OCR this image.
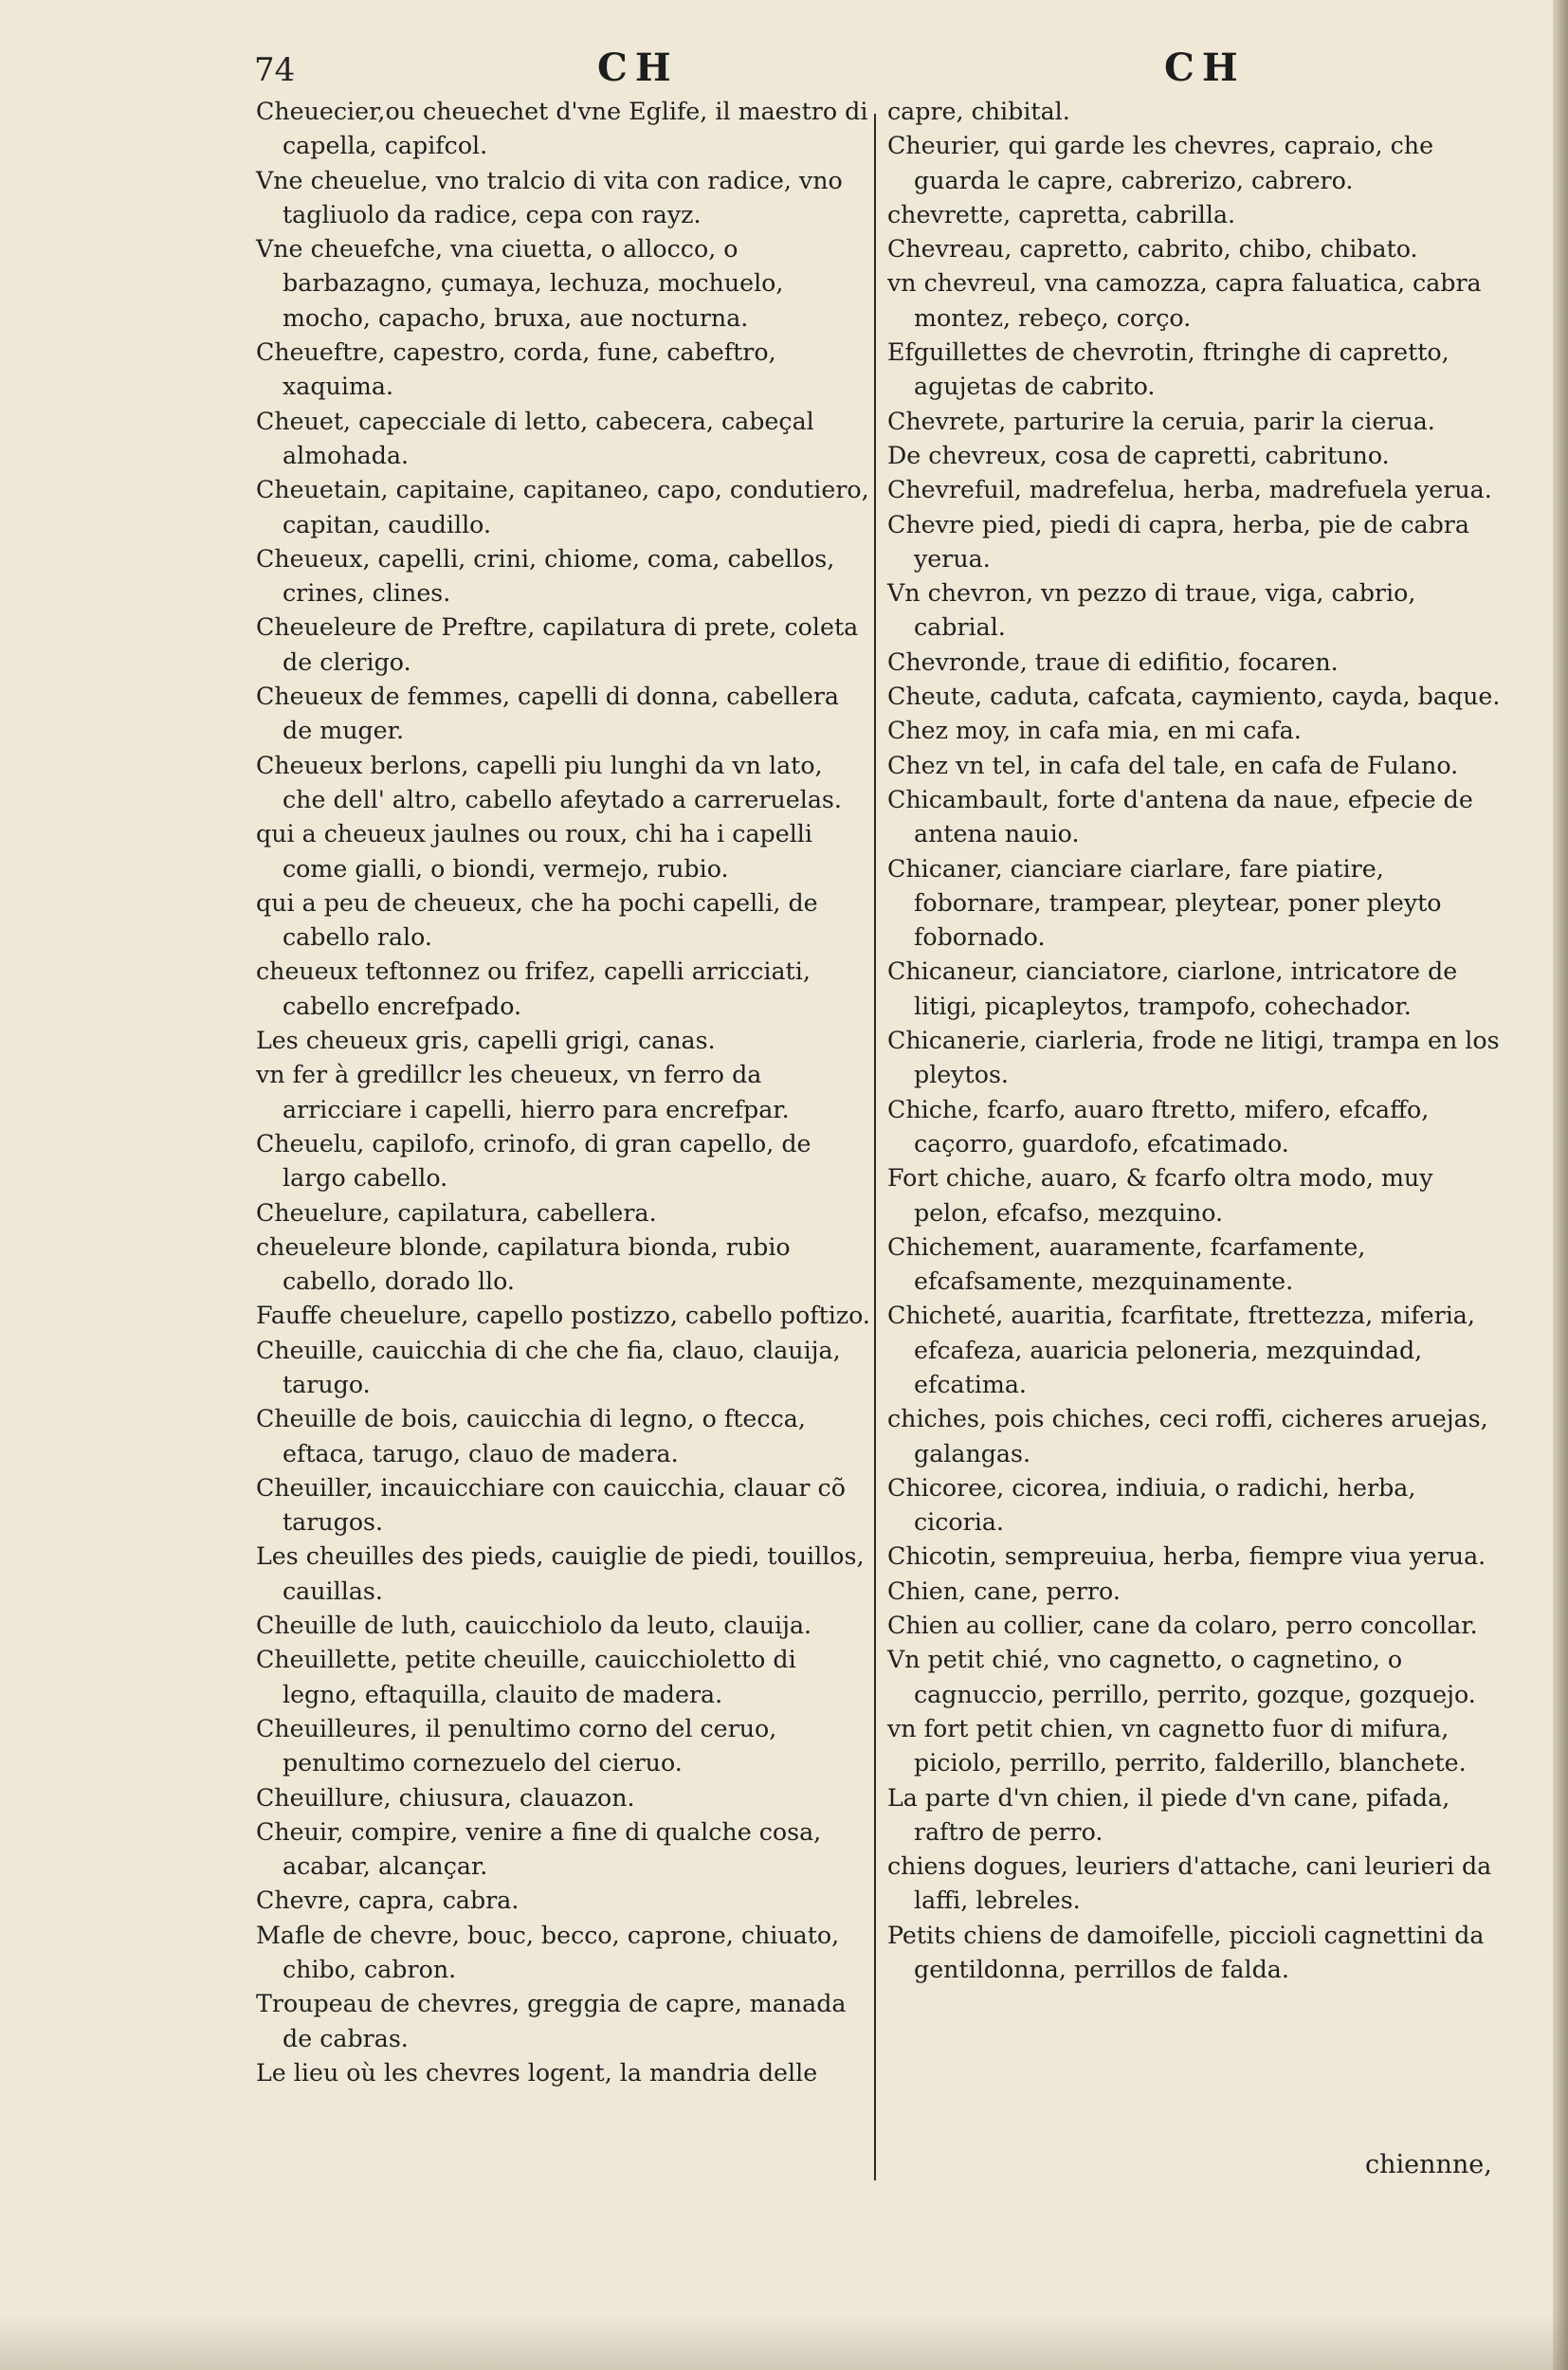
74	CH	CH
Cheuecier,ou cheuechet d'vne Eglife, il maestro di capella, capifcol.
Vne cheuelue, vno tralcio di vita con radice, vno tagliuolo da radice, cepa con rayz.
Vne cheuefche, vna ciuetta, o allocco, o barbazagno, çumaya, lechuza, mochuelo, mocho, capacho, bruxa, aue nocturna.
Cheueftre, capestro, corda, fune, cabeftro, xaquima.
Cheuet, capecciale di letto, cabecera, cabeçal almohada.
Cheuetain, capitaine, capitaneo, capo, condutiero, capitan, caudillo.
Cheueux, capelli, crini, chiome, coma, cabellos, crines, clines.
Cheueleure de Preftre, capilatura di prete, coleta de clerigo.
Cheueux de femmes, capelli di donna, cabellera de muger.
Cheueux berlons, capelli piu lunghi da vn lato, che dell' altro, cabello afeytado a carreruelas.
qui a cheueux jaulnes ou roux, chi ha i capelli come gialli, o biondi, vermejo, rubio.
qui a peu de cheueux, che ha pochi capelli, de cabello ralo.
cheueux teftonnez ou frifez, capelli arricciati, cabello encrefpado.
Les cheueux gris, capelli grigi, canas.
vn fer à gredillcr les cheueux, vn ferro da arricciare i capelli, hierro para encrefpar.
Cheuelu, capilofo, crinofo, di gran capello, de largo cabello.
Cheuelure, capilatura, cabellera.
cheueleure blonde, capilatura bionda, rubio cabello, dorado llo.
Fauffe cheuelure, capello postizzo, cabello poftizo.
Cheuille, cauicchia di che che fia, clauo, clauija, tarugo.
Cheuille de bois, cauicchia di legno, o ftecca, eftaca, tarugo, clauo de madera.
Cheuiller, incauicchiare con cauicchia, clauar cõ tarugos.
Les cheuilles des pieds, cauiglie de piedi, touillos, cauillas.
Cheuille de luth, cauicchiolo da leuto, clauija.
Cheuillette, petite cheuille, cauicchioletto di legno, eftaquilla, clauito de madera.
Cheuilleures, il penultimo corno del ceruo, penultimo cornezuelo del cieruo.
Cheuillure, chiusura, clauazon.
Cheuir, compire, venire a fine di qualche cosa, acabar, alcançar.
Chevre, capra, cabra.
Mafle de chevre, bouc, becco, caprone, chiuato, chibo, cabron.
Troupeau de chevres, greggia de capre, manada de cabras.
Le lieu où les chevres logent, la mandria delle
capre, chibital.
Cheurier, qui garde les chevres, capraio, che guarda le capre, cabrerizo, cabrero.
chevrette, capretta, cabrilla.
Chevreau, capretto, cabrito, chibo, chibato.
vn chevreul, vna camozza, capra faluatica, cabra montez, rebeço, corço.
Efguillettes de chevrotin, ftringhe di capretto, agujetas de cabrito.
Chevrete, parturire la ceruia, parir la cierua.
De chevreux, cosa de capretti, cabrituno.
Chevrefuil, madrefelua, herba, madrefuela yerua.
Chevre pied, piedi di capra, herba, pie de cabra yerua.
Vn chevron, vn pezzo di traue, viga, cabrio, cabrial.
Chevronde, traue di edifitio, focaren.
Cheute, caduta, cafcata, caymiento, cayda, baque.
Chez moy, in cafa mia, en mi cafa.
Chez vn tel, in cafa del tale, en cafa de Fulano.
Chicambault, forte d'antena da naue, efpecie de antena nauio.
Chicaner, cianciare ciarlare, fare piatire, fobornare, trampear, pleytear, poner pleyto fobornado.
Chicaneur, cianciatore, ciarlone, intricatore de litigi, picapleytos, trampofo, cohechador.
Chicanerie, ciarleria, frode ne litigi, trampa en los pleytos.
Chiche, fcarfo, auaro ftretto, mifero, efcaffo, caçorro, guardofo, efcatimado.
Fort chiche, auaro, & fcarfo oltra modo, muy pelon, efcafso, mezquino.
Chichement, auaramente, fcarfamente, efcafsamente, mezquinamente.
Chicheté, auaritia, fcarfitate, ftrettezza, miferia, efcafeza, auaricia peloneria, mezquindad, efcatima.
chiches, pois chiches, ceci roffi, cicheres aruejas, galangas.
Chicoree, cicorea, indiuia, o radichi, herba, cicoria.
Chicotin, sempreuiua, herba, fiempre viua yerua.
Chien, cane, perro.
Chien au collier, cane da colaro, perro concollar.
Vn petit chié, vno cagnetto, o cagnetino, o cagnuccio, perrillo, perrito, gozque, gozquejo.
vn fort petit chien, vn cagnetto fuor di mifura, piciolo, perrillo, perrito, falderillo, blanchete.
La parte d'vn chien, il piede d'vn cane, pifada, raftro de perro.
chiens dogues, leuriers d'attache, cani leurieri da laffi, lebreles.
Petits chiens de damoifelle, piccioli cagnettini da gentildonna, perrillos de falda.
chiennne,
